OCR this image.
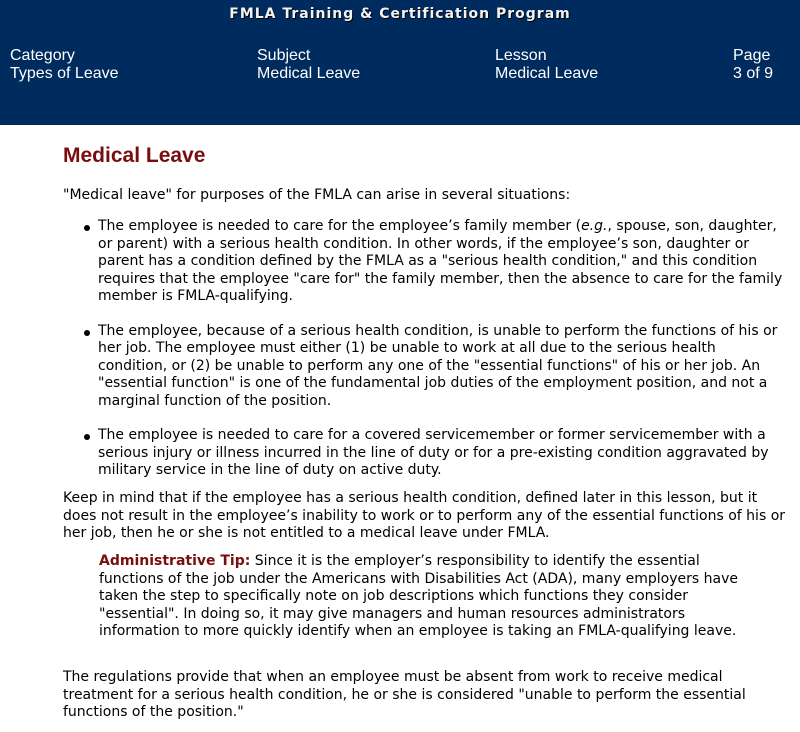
FMLA Training & Certification Program
Category
Types of Leave
Subject
Medical Leave
Lesson
Medical Leave
Page
3 of 9
Medical Leave

"Medical leave" for purposes of the FMLA can arise in several situations:

The employee is needed to care for the employee’s family member (e.g., spouse, son, daughter, or parent) with a serious health condition. In other words, if the employee’s son, daughter or parent has a condition defined by the FMLA as a "serious health condition," and this condition requires that the employee "care for" the family member, then the absence to care for the family member is FMLA-qualifying.
The employee, because of a serious health condition, is unable to perform the functions of his or her job. The employee must either (1) be unable to work at all due to the serious health condition, or (2) be unable to perform any one of the "essential functions" of his or her job. An "essential function" is one of the fundamental job duties of the employment position, and not a marginal function of the position.
The employee is needed to care for a covered servicemember or former servicemember with a serious injury or illness incurred in the line of duty or for a pre-existing condition aggravated by military service in the line of duty on active duty.

Keep in mind that if the employee has a serious health condition, defined later in this lesson, but it does not result in the employee’s inability to work or to perform any of the essential functions of his or her job, then he or she is not entitled to a medical leave under FMLA.

Administrative Tip: Since it is the employer’s responsibility to identify the essential functions of the job under the Americans with Disabilities Act (ADA), many employers have taken the step to specifically note on job descriptions which functions they consider "essential". In doing so, it may give managers and human resources administrators information to more quickly identify when an employee is taking an FMLA-qualifying leave.

The regulations provide that when an employee must be absent from work to receive medical treatment for a serious health condition, he or she is considered "unable to perform the essential functions of the position."
